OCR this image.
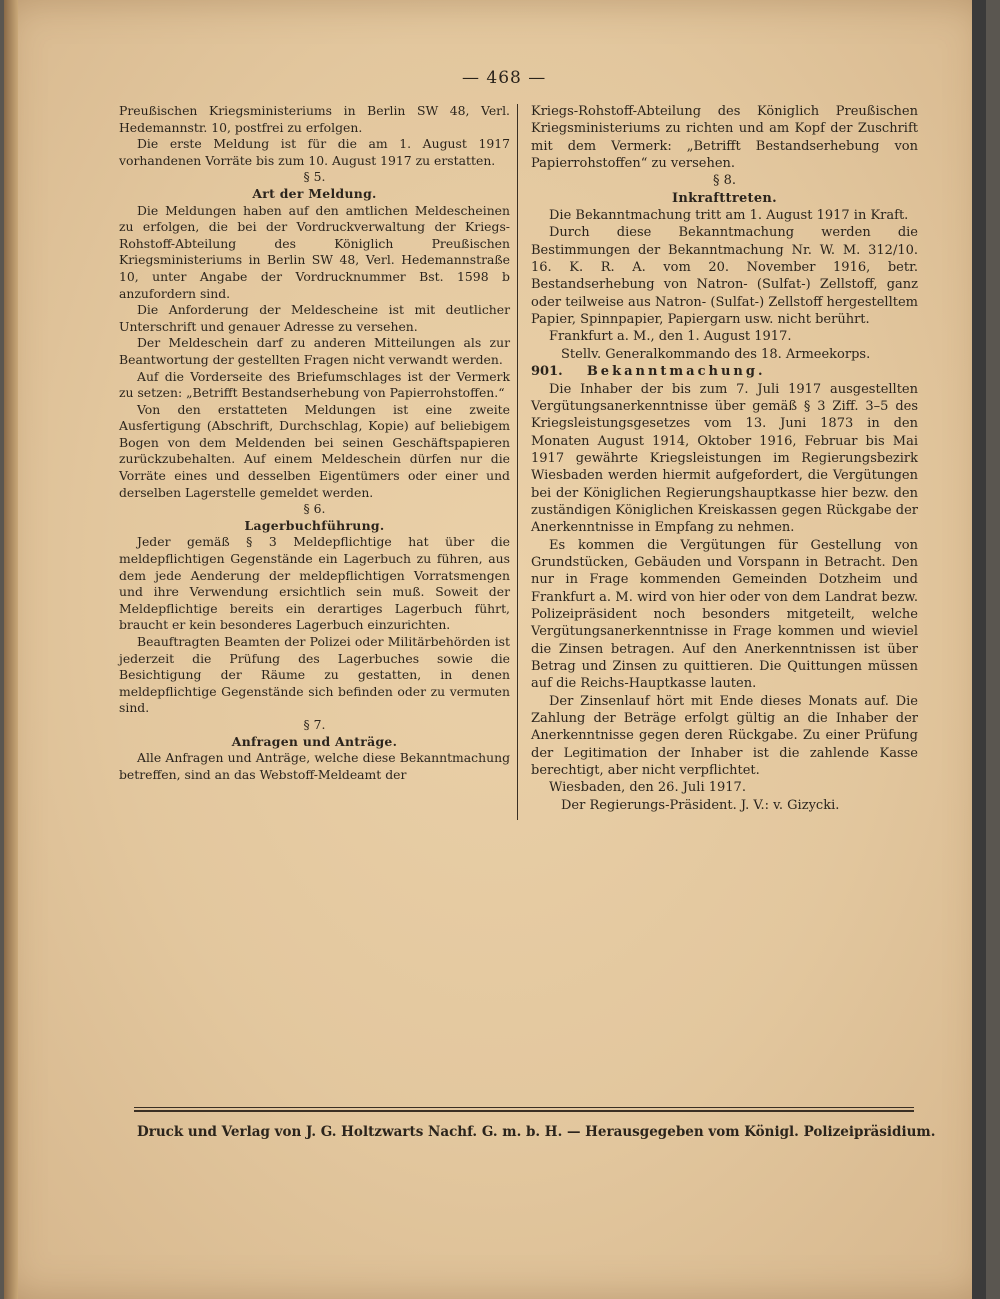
— 468 —

Preußischen Kriegsministeriums in Berlin SW 48, Verl. Hedemannstr. 10, postfrei zu erfolgen.

Die erste Meldung ist für die am 1. August 1917 vorhandenen Vorräte bis zum 10. August 1917 zu erstatten.

§ 5.

Art der Meldung.

Die Meldungen haben auf den amtlichen Meldescheinen zu erfolgen, die bei der Vordruckverwaltung der Kriegs-Rohstoff-Abteilung des Königlich Preußischen Kriegsministeriums in Berlin SW 48, Verl. Hedemannstraße 10, unter Angabe der Vordrucknummer Bst. 1598 b anzufordern sind.

Die Anforderung der Meldescheine ist mit deutlicher Unterschrift und genauer Adresse zu versehen.

Der Meldeschein darf zu anderen Mitteilungen als zur Beantwortung der gestellten Fragen nicht verwandt werden.

Auf die Vorderseite des Briefumschlages ist der Vermerk zu setzen: „Betrifft Bestandserhebung von Papierrohstoffen.“

Von den erstatteten Meldungen ist eine zweite Ausfertigung (Abschrift, Durchschlag, Kopie) auf beliebigem Bogen von dem Meldenden bei seinen Geschäftspapieren zurückzubehalten. Auf einem Meldeschein dürfen nur die Vorräte eines und desselben Eigentümers oder einer und derselben Lagerstelle gemeldet werden.

§ 6.

Lagerbuchführung.

Jeder gemäß § 3 Meldepflichtige hat über die meldepflichtigen Gegenstände ein Lagerbuch zu führen, aus dem jede Aenderung der meldepflichtigen Vorratsmengen und ihre Verwendung ersichtlich sein muß. Soweit der Meldepflichtige bereits ein derartiges Lagerbuch führt, braucht er kein besonderes Lagerbuch einzurichten.

Beauftragten Beamten der Polizei oder Militärbehörden ist jederzeit die Prüfung des Lagerbuches sowie die Besichtigung der Räume zu gestatten, in denen meldepflichtige Gegenstände sich befinden oder zu vermuten sind.

§ 7.

Anfragen und Anträge.

Alle Anfragen und Anträge, welche diese Bekanntmachung betreffen, sind an das Webstoff-Meldeamt der

Kriegs-Rohstoff-Abteilung des Königlich Preußischen Kriegsministeriums zu richten und am Kopf der Zuschrift mit dem Vermerk: „Betrifft Bestandserhebung von Papierrohstoffen“ zu versehen.

§ 8.

Inkrafttreten.

Die Bekanntmachung tritt am 1. August 1917 in Kraft.

Durch diese Bekanntmachung werden die Bestimmungen der Bekanntmachung Nr. W. M. 312/10. 16. K. R. A. vom 20. November 1916, betr. Bestandserhebung von Natron- (Sulfat-) Zellstoff, ganz oder teilweise aus Natron- (Sulfat-) Zellstoff hergestelltem Papier, Spinnpapier, Papiergarn usw. nicht berührt.

Frankfurt a. M., den 1. August 1917.

Stellv. Generalkommando des 18. Armeekorps.

901. Bekanntmachung.

Die Inhaber der bis zum 7. Juli 1917 ausgestellten Vergütungsanerkenntnisse über gemäß § 3 Ziff. 3–5 des Kriegsleistungsgesetzes vom 13. Juni 1873 in den Monaten August 1914, Oktober 1916, Februar bis Mai 1917 gewährte Kriegsleistungen im Regierungsbezirk Wiesbaden werden hiermit aufgefordert, die Vergütungen bei der Königlichen Regierungshauptkasse hier bezw. den zuständigen Königlichen Kreiskassen gegen Rückgabe der Anerkenntnisse in Empfang zu nehmen.

Es kommen die Vergütungen für Gestellung von Grundstücken, Gebäuden und Vorspann in Betracht. Den nur in Frage kommenden Gemeinden Dotzheim und Frankfurt a. M. wird von hier oder von dem Landrat bezw. Polizeipräsident noch besonders mitgeteilt, welche Vergütungsanerkenntnisse in Frage kommen und wieviel die Zinsen betragen. Auf den Anerkenntnissen ist über Betrag und Zinsen zu quittieren. Die Quittungen müssen auf die Reichs-Hauptkasse lauten.

Der Zinsenlauf hört mit Ende dieses Monats auf. Die Zahlung der Beträge erfolgt gültig an die Inhaber der Anerkenntnisse gegen deren Rückgabe. Zu einer Prüfung der Legitimation der Inhaber ist die zahlende Kasse berechtigt, aber nicht verpflichtet.

Wiesbaden, den 26. Juli 1917.

Der Regierungs-Präsident. J. V.: v. Gizycki.

Druck und Verlag von J. G. Holtzwarts Nachf. G. m. b. H. — Herausgegeben vom Königl. Polizeipräsidium.
